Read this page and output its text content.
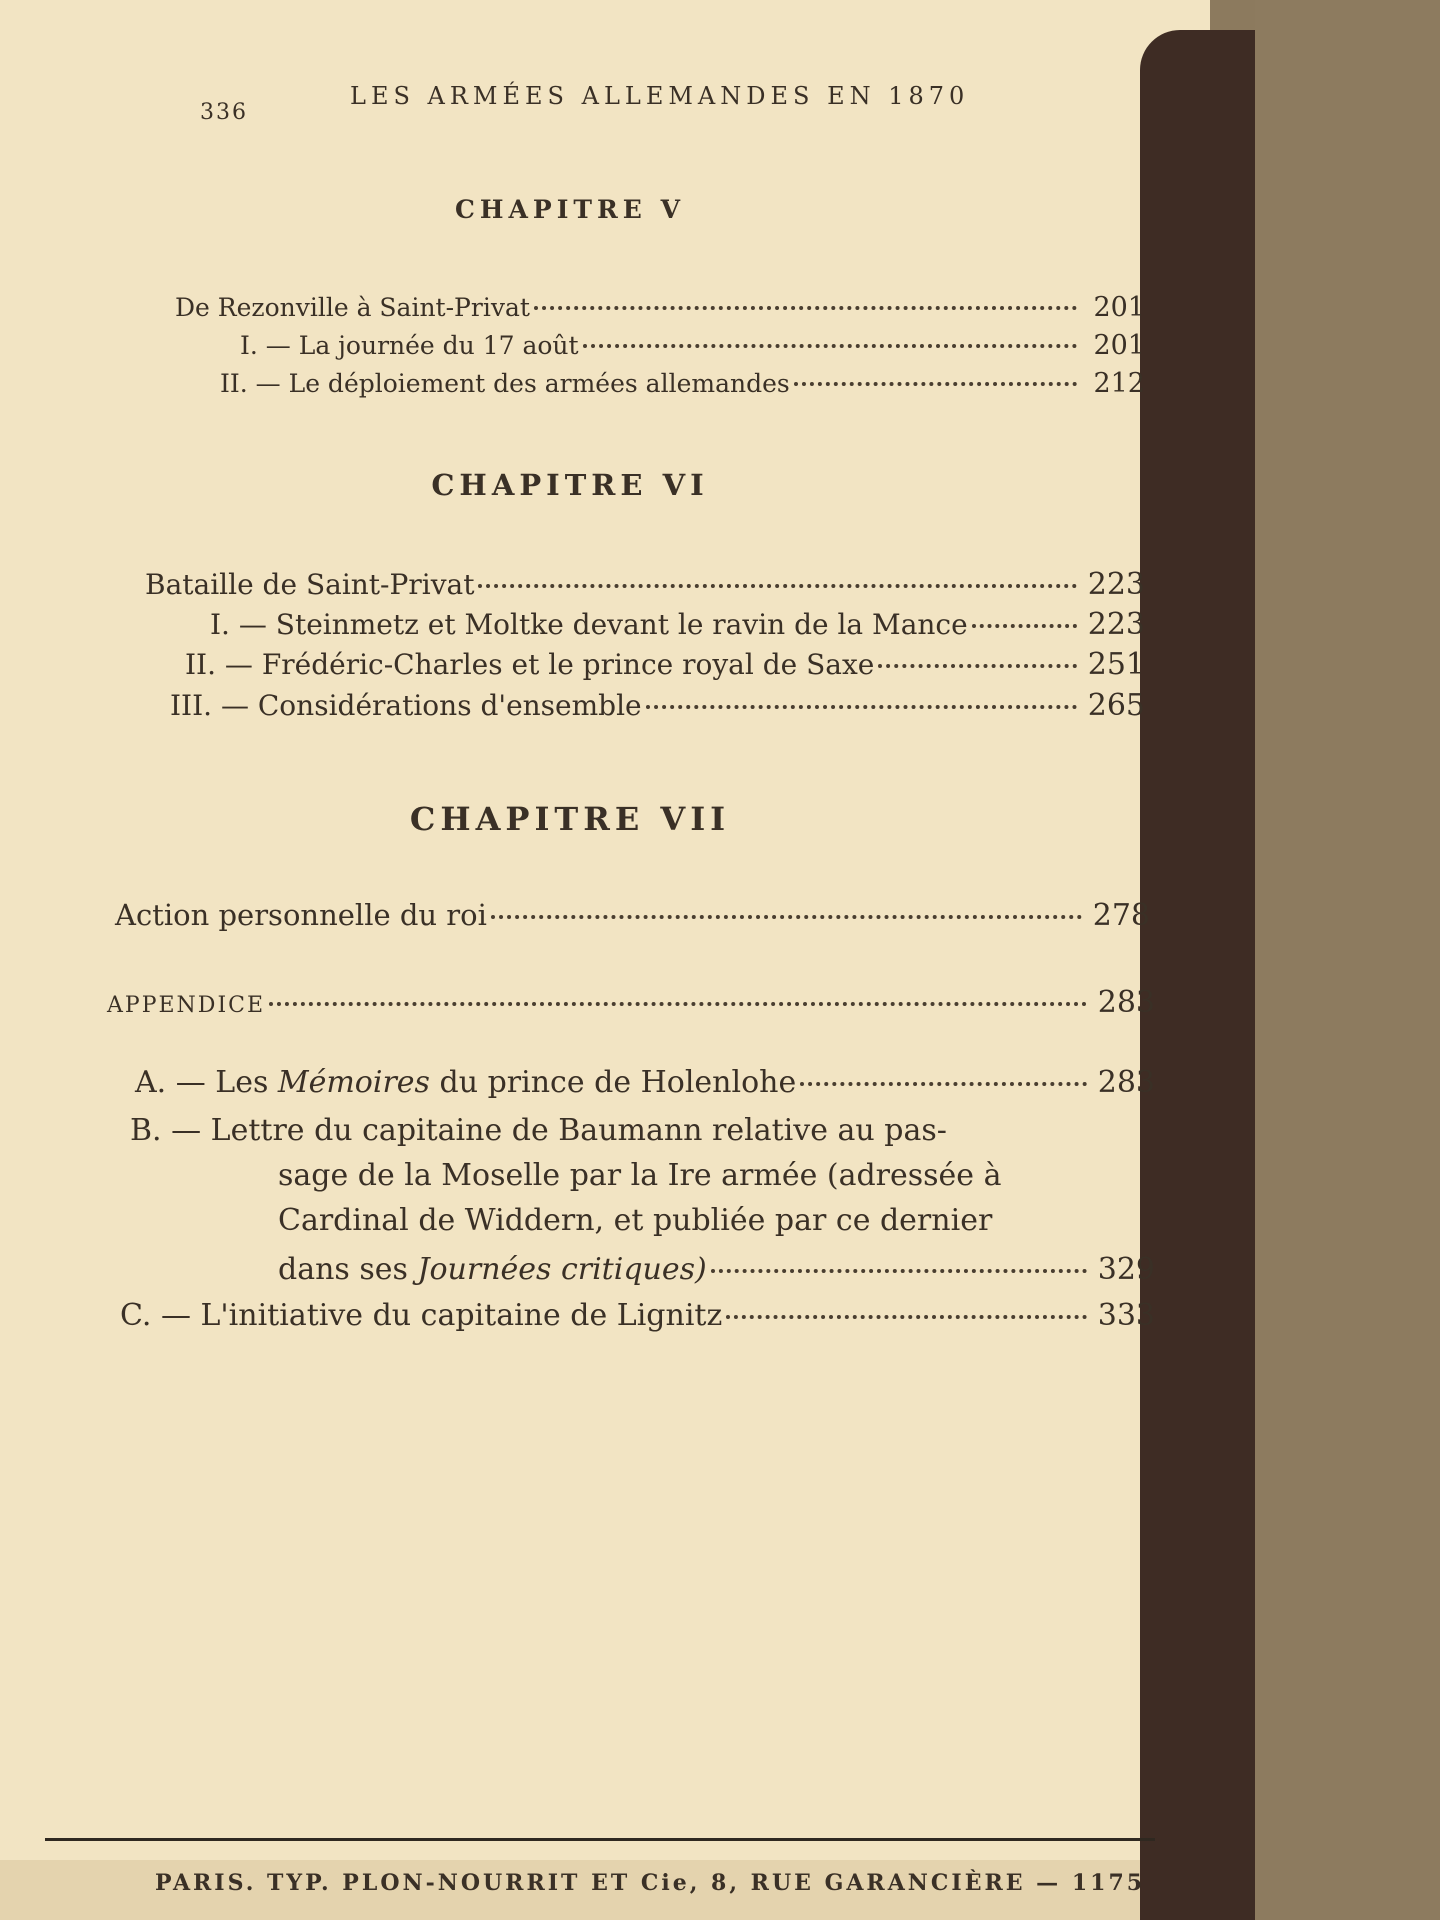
336
LES ARMÉES ALLEMANDES EN 1870
CHAPITRE V
De Rezonville à Saint-Privat	201
I. — La journée du 17 août	201
II. — Le déploiement des armées allemandes	212
CHAPITRE VI
Bataille de Saint-Privat	223
I. — Steinmetz et Moltke devant le ravin de la Mance	223
II. — Frédéric-Charles et le prince royal de Saxe	251
III. — Considérations d'ensemble	265
CHAPITRE VII
Action personnelle du roi	278
APPENDICE	283
A. — Les Mémoires du prince de Holenlohe	283
B. — Lettre du capitaine de Baumann relative au pas-
sage de la Moselle par la Ire armée (adressée à
Cardinal de Widdern, et publiée par ce dernier
dans ses Journées critiques)	329
C. — L'initiative du capitaine de Lignitz	333
PARIS. TYP. PLON-NOURRIT ET Cie, 8, RUE GARANCIÈRE — 1175
